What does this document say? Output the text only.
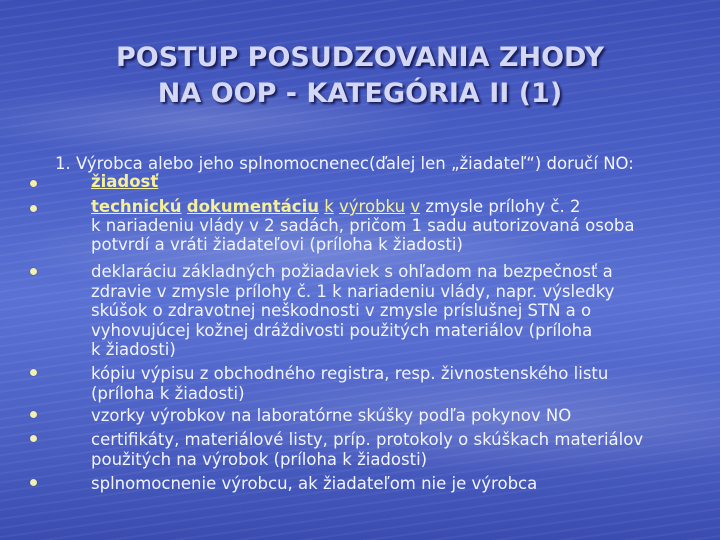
POSTUP POSUDZOVANIA ZHODY
NA OOP - KATEGÓRIA II (1)
1. Výrobca alebo jeho splnomocnenec(ďalej len „žiadateľ“) doručí NO:
žiadosť
technickú dokumentáciu k výrobku v zmysle prílohy č. 2
k nariadeniu vlády v 2 sadách, pričom 1 sadu autorizovaná osoba
potvrdí a vráti žiadateľovi (príloha k žiadosti)
deklaráciu základných požiadaviek s ohľadom na bezpečnosť a
zdravie v zmysle prílohy č. 1 k nariadeniu vlády, napr. výsledky
skúšok o zdravotnej neškodnosti v zmysle príslušnej STN a o
vyhovujúcej kožnej dráždivosti použitých materiálov (príloha
k žiadosti)
kópiu výpisu z obchodného registra, resp. živnostenského listu
(príloha k žiadosti)
vzorky výrobkov na laboratórne skúšky podľa pokynov NO
certifikáty, materiálové listy, príp. protokoly o skúškach materiálov
použitých na výrobok (príloha k žiadosti)
splnomocnenie výrobcu, ak žiadateľom nie je výrobca
